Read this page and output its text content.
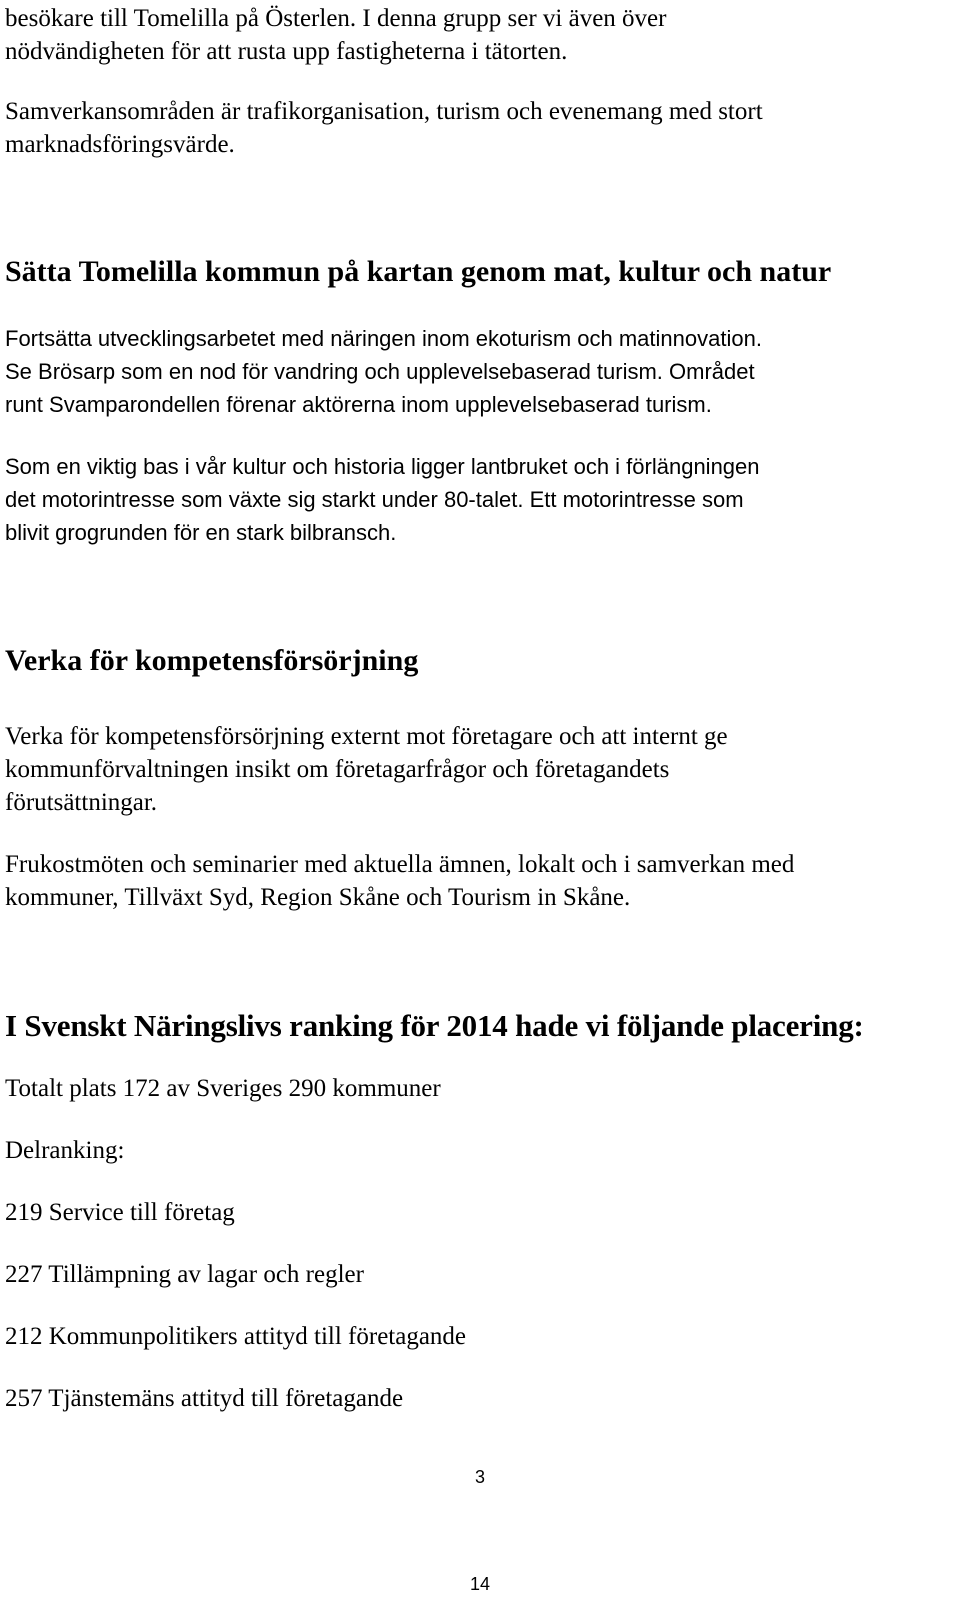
besökare till Tomelilla på Österlen. I denna grupp ser vi även över
nödvändigheten för att rusta upp fastigheterna i tätorten.

Samverkansområden är trafikorganisation, turism och evenemang med stort
marknadsföringsvärde.

Sätta Tomelilla kommun på kartan genom mat, kultur och natur

Fortsätta utvecklingsarbetet med näringen inom ekoturism och matinnovation.
Se Brösarp som en nod för vandring och upplevelsebaserad turism. Området
runt Svamparondellen förenar aktörerna inom upplevelsebaserad turism.

Som en viktig bas i vår kultur och historia ligger lantbruket och i förlängningen
det motorintresse som växte sig starkt under 80-talet. Ett motorintresse som
blivit grogrunden för en stark bilbransch.

Verka för kompetensförsörjning

Verka för kompetensförsörjning externt mot företagare och att internt ge
kommunförvaltningen insikt om företagarfrågor och företagandets
förutsättningar.

Frukostmöten och seminarier med aktuella ämnen, lokalt och i samverkan med
kommuner, Tillväxt Syd, Region Skåne och Tourism in Skåne.

I Svenskt Näringslivs ranking för 2014 hade vi följande placering:

Totalt plats 172 av Sveriges 290 kommuner

Delranking:

219 Service till företag

227 Tillämpning av lagar och regler

212 Kommunpolitikers attityd till företagande

257 Tjänstemäns attityd till företagande

3

14
